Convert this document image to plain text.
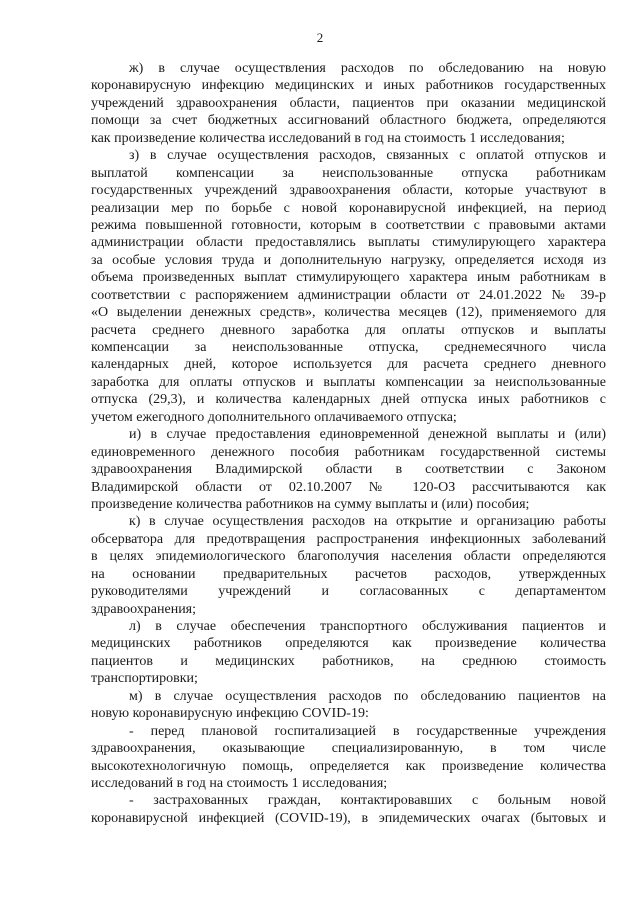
2
ж) в случае осуществления расходов по обследованию на новую
коронавирусную инфекцию медицинских и иных работников государственных
учреждений здравоохранения области, пациентов при оказании медицинской
помощи за счет бюджетных ассигнований областного бюджета, определяются
как произведение количества исследований в год на стоимость 1 исследования;
з) в случае осуществления расходов, связанных с оплатой отпусков и
выплатой компенсации за неиспользованные отпуска работникам
государственных учреждений здравоохранения области, которые участвуют в
реализации мер по борьбе с новой коронавирусной инфекцией, на период
режима повышенной готовности, которым в соответствии с правовыми актами
администрации области предоставлялись выплаты стимулирующего характера
за особые условия труда и дополнительную нагрузку, определяется исходя из
объема произведенных выплат стимулирующего характера иным работникам в
соответствии с распоряжением администрации области от 24.01.2022 № 39-р
«О выделении денежных средств», количества месяцев (12), применяемого для
расчета среднего дневного заработка для оплаты отпусков и выплаты
компенсации за неиспользованные отпуска, среднемесячного числа
календарных дней, которое используется для расчета среднего дневного
заработка для оплаты отпусков и выплаты компенсации за неиспользованные
отпуска (29,3), и количества календарных дней отпуска иных работников с
учетом ежегодного дополнительного оплачиваемого отпуска;
и) в случае предоставления единовременной денежной выплаты и (или)
единовременного денежного пособия работникам государственной системы
здравоохранения Владимирской области в соответствии с Законом
Владимирской области от 02.10.2007 № 120-ОЗ рассчитываются как
произведение количества работников на сумму выплаты и (или) пособия;
к) в случае осуществления расходов на открытие и организацию работы
обсерватора для предотвращения распространения инфекционных заболеваний
в целях эпидемиологического благополучия населения области определяются
на основании предварительных расчетов расходов, утвержденных
руководителями учреждений и согласованных с департаментом
здравоохранения;
л) в случае обеспечения транспортного обслуживания пациентов и
медицинских работников определяются как произведение количества
пациентов и медицинских работников, на среднюю стоимость
транспортировки;
м) в случае осуществления расходов по обследованию пациентов на
новую коронавирусную инфекцию COVID-19:
- перед плановой госпитализацией в государственные учреждения
здравоохранения, оказывающие специализированную, в том числе
высокотехнологичную помощь, определяется как произведение количества
исследований в год на стоимость 1 исследования;
- застрахованных граждан, контактировавших с больным новой
коронавирусной инфекцией (COVID-19), в эпидемических очагах (бытовых и
